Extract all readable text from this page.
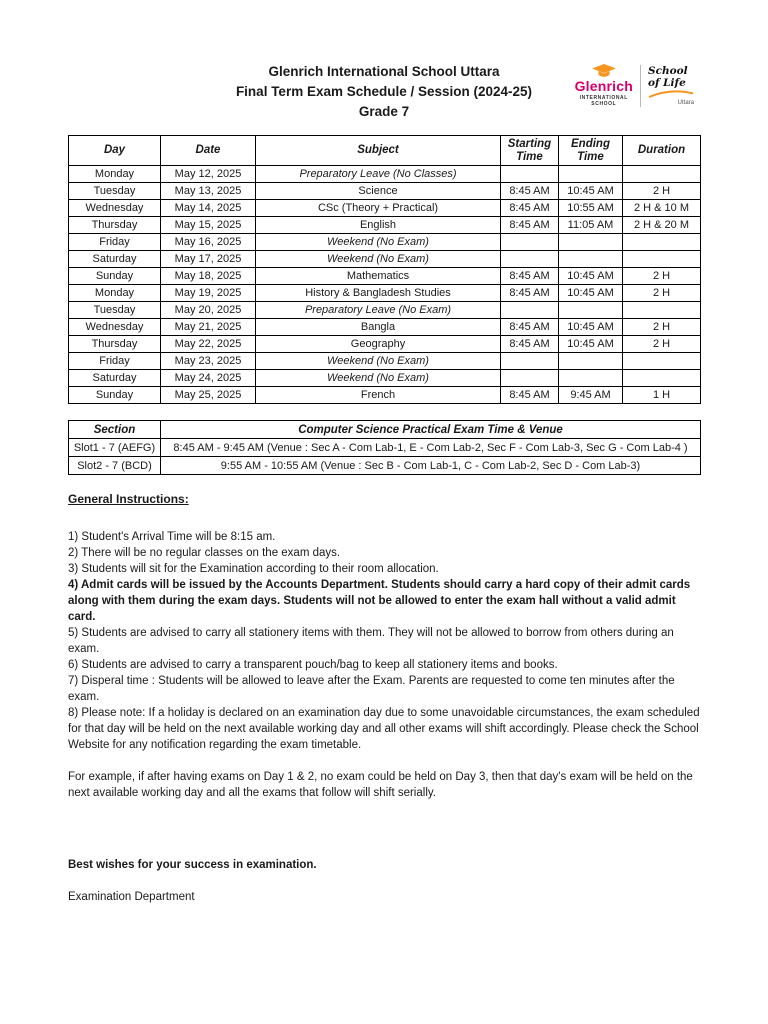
Glenrich International School Uttara
Final Term Exam Schedule / Session (2024-25)
Grade 7
Glenrich
INTERNATIONAL SCHOOL
School of Life
Uttara
Day	Date	Subject	Starting Time	Ending Time	Duration
Monday	May 12, 2025	Preparatory Leave (No Classes)			
Tuesday	May 13, 2025	Science	8:45 AM	10:45 AM	2 H
Wednesday	May 14, 2025	CSc (Theory + Practical)	8:45 AM	10:55 AM	2 H & 10 M
Thursday	May 15, 2025	English	8:45 AM	11:05 AM	2 H & 20 M
Friday	May 16, 2025	Weekend (No Exam)			
Saturday	May 17, 2025	Weekend (No Exam)			
Sunday	May 18, 2025	Mathematics	8:45 AM	10:45 AM	2 H
Monday	May 19, 2025	History & Bangladesh Studies	8:45 AM	10:45 AM	2 H
Tuesday	May 20, 2025	Preparatory Leave (No Exam)			
Wednesday	May 21, 2025	Bangla	8:45 AM	10:45 AM	2 H
Thursday	May 22, 2025	Geography	8:45 AM	10:45 AM	2 H
Friday	May 23, 2025	Weekend (No Exam)			
Saturday	May 24, 2025	Weekend (No Exam)			
Sunday	May 25, 2025	French	8:45 AM	9:45 AM	1 H
Section	Computer Science Practical Exam Time & Venue
Slot1 - 7 (AEFG)	8:45 AM - 9:45 AM (Venue : Sec A - Com Lab-1, E - Com Lab-2, Sec F - Com Lab-3, Sec G - Com Lab-4 )
Slot2 - 7 (BCD)	9:55 AM - 10:55 AM (Venue : Sec B - Com Lab-1, C - Com Lab-2, Sec D - Com Lab-3)
General Instructions:

1) Student's Arrival Time will be 8:15 am.

2) There will be no regular classes on the exam days.

3) Students will sit for the Examination according to their room allocation.

4) Admit cards will be issued by the Accounts Department. Students should carry a hard copy of their admit cards along with them during the exam days. Students will not be allowed to enter the exam hall without a valid admit card.

5) Students are advised to carry all stationery items with them. They will not be allowed to borrow from others during an exam.

6) Students are advised to carry a transparent pouch/bag to keep all stationery items and books.

7) Disperal time : Students will be allowed to leave after the Exam. Parents are requested to come ten minutes after the exam.

8) Please note: If a holiday is declared on an examination day due to some unavoidable circumstances, the exam scheduled for that day will be held on the next available working day and all other exams will shift accordingly. Please check the School Website for any notification regarding the exam timetable.

For example, if after having exams on Day 1 & 2, no exam could be held on Day 3, then that day's exam will be held on the next available working day and all the exams that follow will shift serially.

Best wishes for your success in examination.

Examination Department
